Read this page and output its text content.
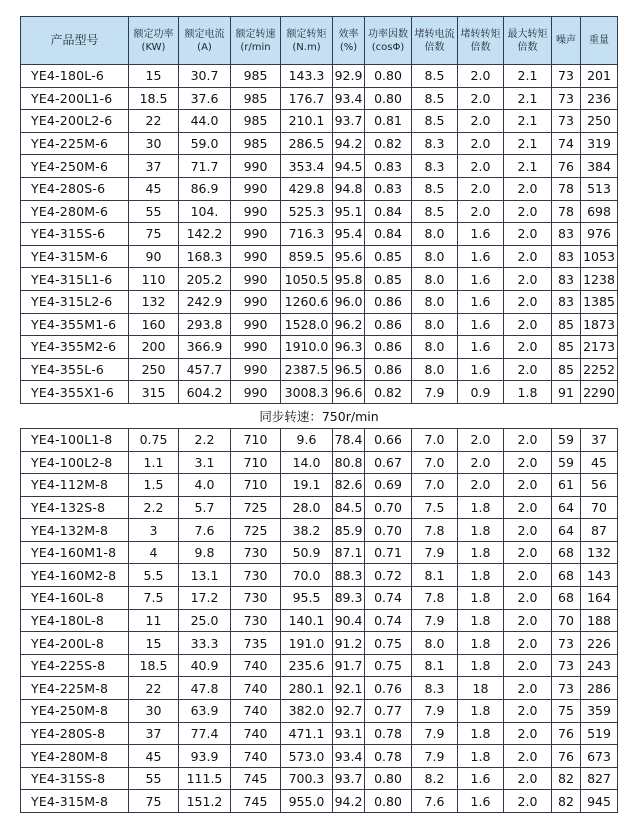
产品型号	额定功率 (KW)	额定电流 (A)	额定转速 (r/min	额定转矩 (N.m)	效率 (%)	功率因数 (cosΦ)	堵转电流 倍数	堵转转矩 倍数	最大转矩 倍数	噪声	重量
YE4-180L-6	15	30.7	985	143.3	92.9	0.80	8.5	2.0	2.1	73	201
YE4-200L1-6	18.5	37.6	985	176.7	93.4	0.80	8.5	2.0	2.1	73	236
YE4-200L2-6	22	44.0	985	210.1	93.7	0.81	8.5	2.0	2.1	73	250
YE4-225M-6	30	59.0	985	286.5	94.2	0.82	8.3	2.0	2.1	74	319
YE4-250M-6	37	71.7	990	353.4	94.5	0.83	8.3	2.0	2.1	76	384
YE4-280S-6	45	86.9	990	429.8	94.8	0.83	8.5	2.0	2.0	78	513
YE4-280M-6	55	104.	990	525.3	95.1	0.84	8.5	2.0	2.0	78	698
YE4-315S-6	75	142.2	990	716.3	95.4	0.84	8.0	1.6	2.0	83	976
YE4-315M-6	90	168.3	990	859.5	95.6	0.85	8.0	1.6	2.0	83	1053
YE4-315L1-6	110	205.2	990	1050.5	95.8	0.85	8.0	1.6	2.0	83	1238
YE4-315L2-6	132	242.9	990	1260.6	96.0	0.86	8.0	1.6	2.0	83	1385
YE4-355M1-6	160	293.8	990	1528.0	96.2	0.86	8.0	1.6	2.0	85	1873
YE4-355M2-6	200	366.9	990	1910.0	96.3	0.86	8.0	1.6	2.0	85	2173
YE4-355L-6	250	457.7	990	2387.5	96.5	0.86	8.0	1.6	2.0	85	2252
YE4-355X1-6	315	604.2	990	3008.3	96.6	0.82	7.9	0.9	1.8	91	2290
同步转速：750r/min											
YE4-100L1-8	0.75	2.2	710	9.6	78.4	0.66	7.0	2.0	2.0	59	37
YE4-100L2-8	1.1	3.1	710	14.0	80.8	0.67	7.0	2.0	2.0	59	45
YE4-112M-8	1.5	4.0	710	19.1	82.6	0.69	7.0	2.0	2.0	61	56
YE4-132S-8	2.2	5.7	725	28.0	84.5	0.70	7.5	1.8	2.0	64	70
YE4-132M-8	3	7.6	725	38.2	85.9	0.70	7.8	1.8	2.0	64	87
YE4-160M1-8	4	9.8	730	50.9	87.1	0.71	7.9	1.8	2.0	68	132
YE4-160M2-8	5.5	13.1	730	70.0	88.3	0.72	8.1	1.8	2.0	68	143
YE4-160L-8	7.5	17.2	730	95.5	89.3	0.74	7.8	1.8	2.0	68	164
YE4-180L-8	11	25.0	730	140.1	90.4	0.74	7.9	1.8	2.0	70	188
YE4-200L-8	15	33.3	735	191.0	91.2	0.75	8.0	1.8	2.0	73	226
YE4-225S-8	18.5	40.9	740	235.6	91.7	0.75	8.1	1.8	2.0	73	243
YE4-225M-8	22	47.8	740	280.1	92.1	0.76	8.3	18	2.0	73	286
YE4-250M-8	30	63.9	740	382.0	92.7	0.77	7.9	1.8	2.0	75	359
YE4-280S-8	37	77.4	740	471.1	93.1	0.78	7.9	1.8	2.0	76	519
YE4-280M-8	45	93.9	740	573.0	93.4	0.78	7.9	1.8	2.0	76	673
YE4-315S-8	55	111.5	745	700.3	93.7	0.80	8.2	1.6	2.0	82	827
YE4-315M-8	75	151.2	745	955.0	94.2	0.80	7.6	1.6	2.0	82	945
